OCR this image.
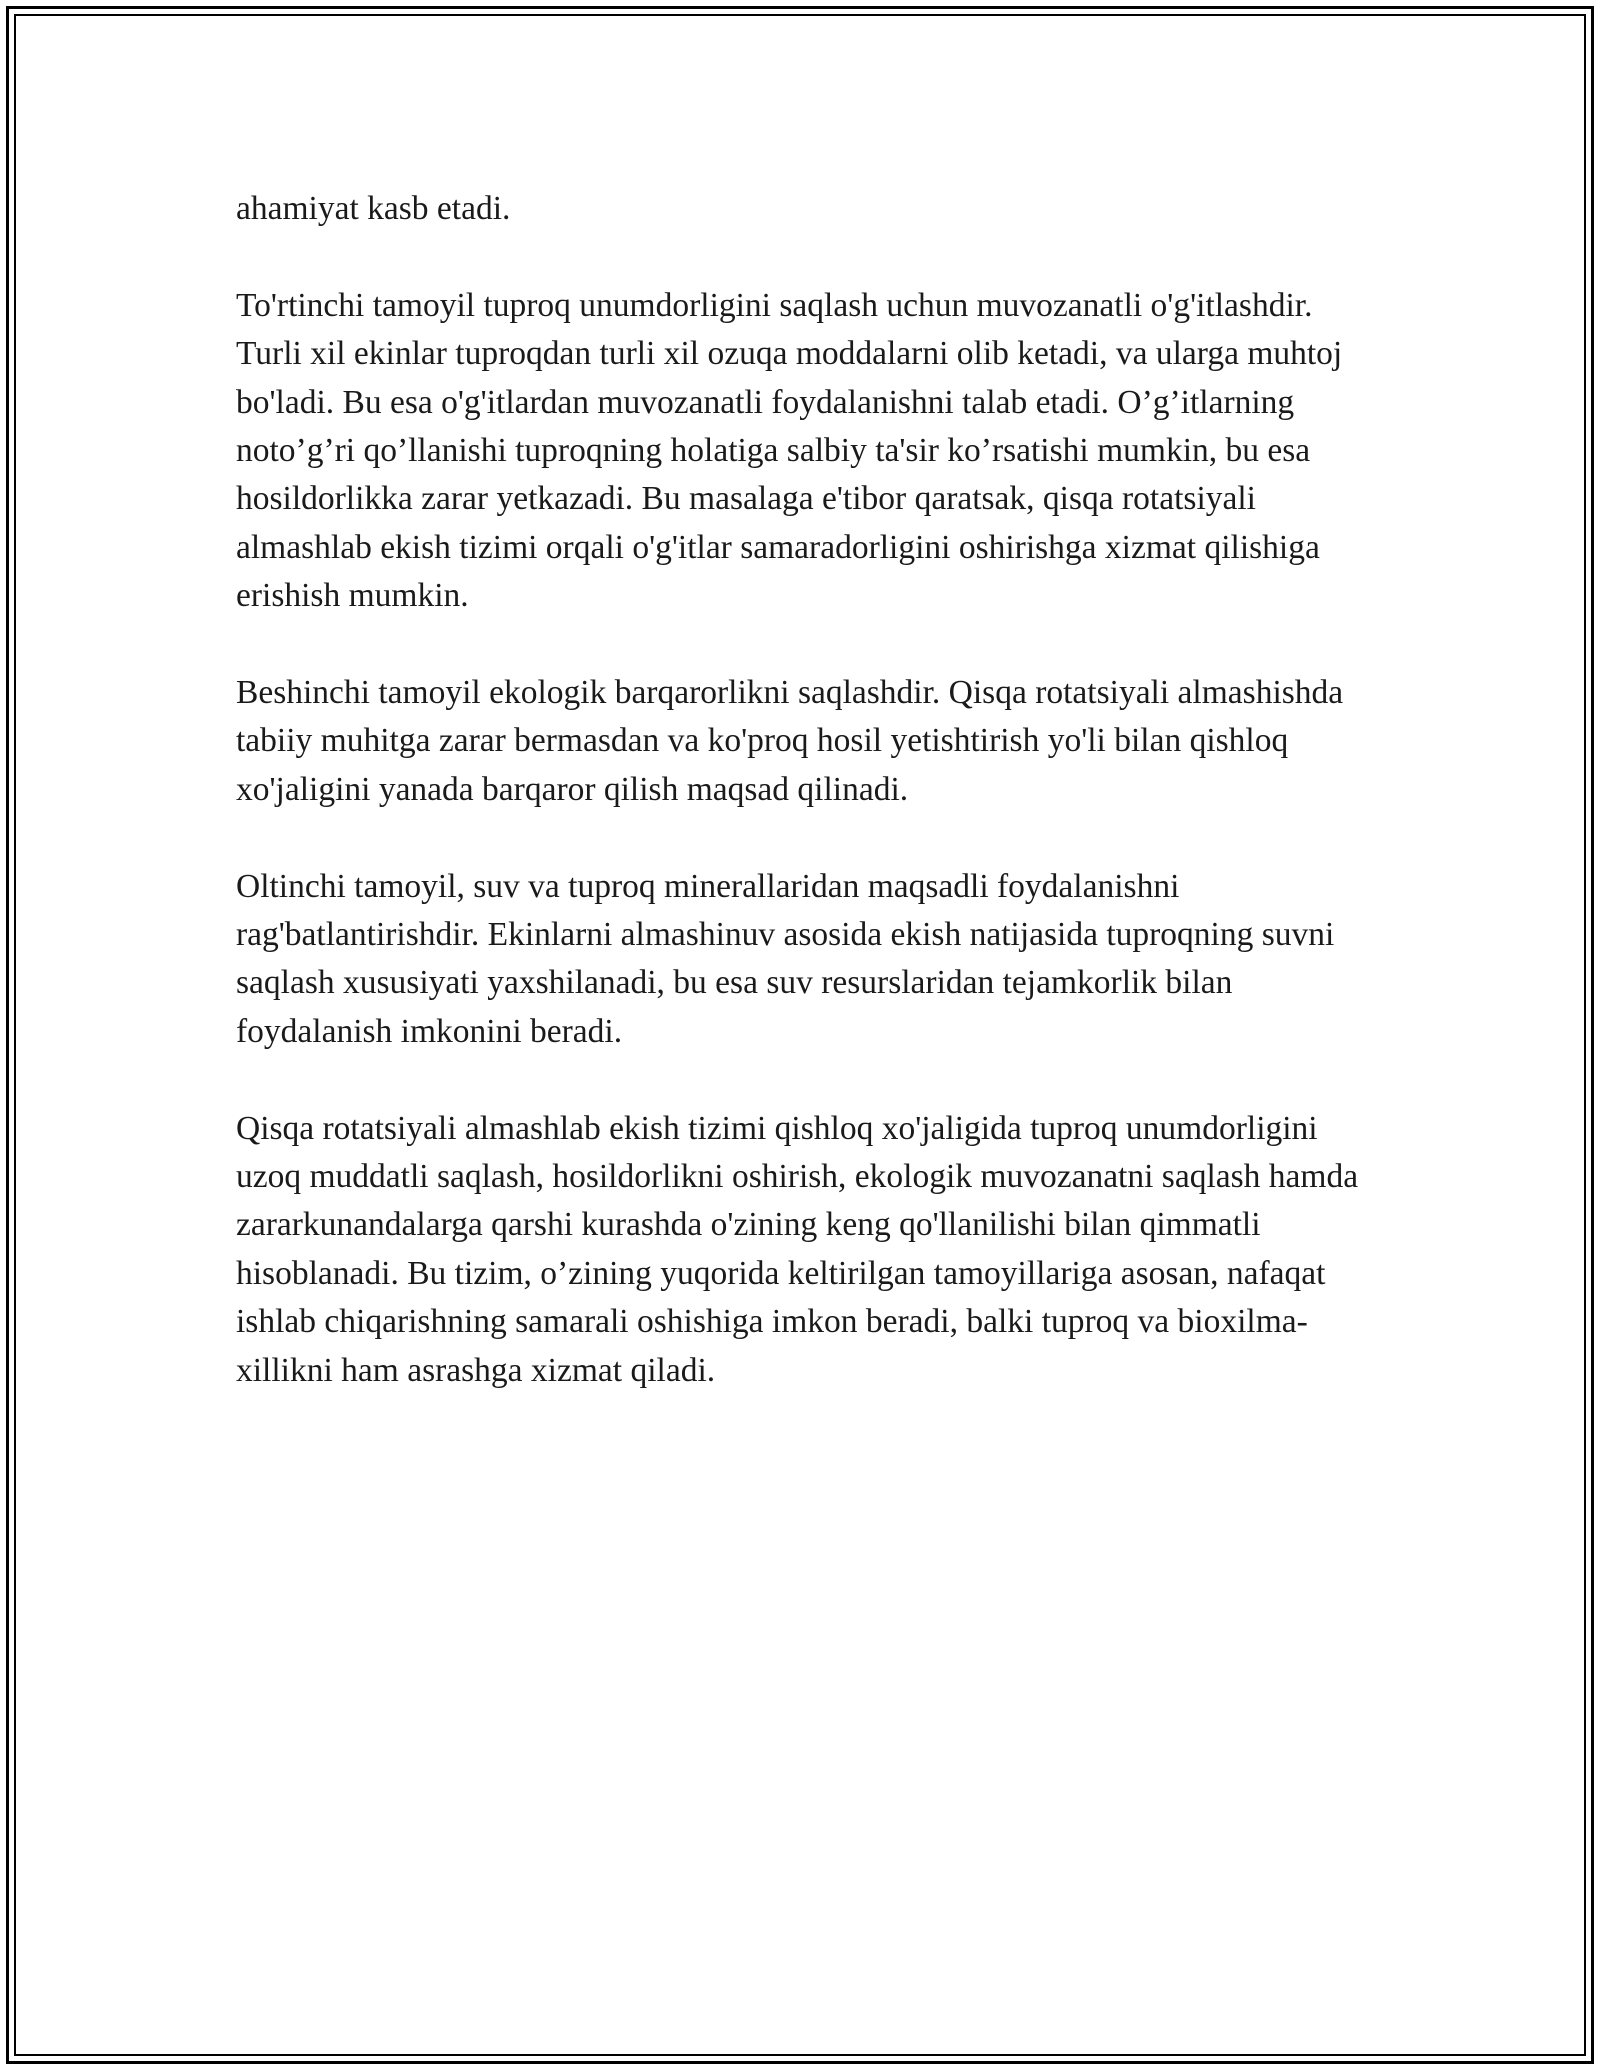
ahamiyat kasb etadi.

To'rtinchi tamoyil tuproq unumdorligini saqlash uchun muvozanatli o'g'itlashdir. Turli xil ekinlar tuproqdan turli xil ozuqa moddalarni olib ketadi, va ularga muhtoj bo'ladi. Bu esa o'g'itlardan muvozanatli foydalanishni talab etadi. O’g’itlarning noto’g’ri qo’llanishi tuproqning holatiga salbiy ta'sir ko’rsatishi mumkin, bu esa hosildorlikka zarar yetkazadi. Bu masalaga e'tibor qaratsak, qisqa rotatsiyali almashlab ekish tizimi orqali o'g'itlar samaradorligini oshirishga xizmat qilishiga erishish mumkin.

Beshinchi tamoyil ekologik barqarorlikni saqlashdir. Qisqa rotatsiyali almashishda tabiiy muhitga zarar bermasdan va ko'proq hosil yetishtirish yo'li bilan qishloq xo'jaligini yanada barqaror qilish maqsad qilinadi.

Oltinchi tamoyil, suv va tuproq minerallaridan maqsadli foydalanishni rag'batlantirishdir. Ekinlarni almashinuv asosida ekish natijasida tuproqning suvni saqlash xususiyati yaxshilanadi, bu esa suv resurslaridan tejamkorlik bilan foydalanish imkonini beradi.

Qisqa rotatsiyali almashlab ekish tizimi qishloq xo'jaligida tuproq unumdorligini uzoq muddatli saqlash, hosildorlikni oshirish, ekologik muvozanatni saqlash hamda zararkunandalarga qarshi kurashda o'zining keng qo'llanilishi bilan qimmatli hisoblanadi. Bu tizim, o’zining yuqorida keltirilgan tamoyillariga asosan, nafaqat ishlab chiqarishning samarali oshishiga imkon beradi, balki tuproq va bioxilma-xillikni ham asrashga xizmat qiladi.
